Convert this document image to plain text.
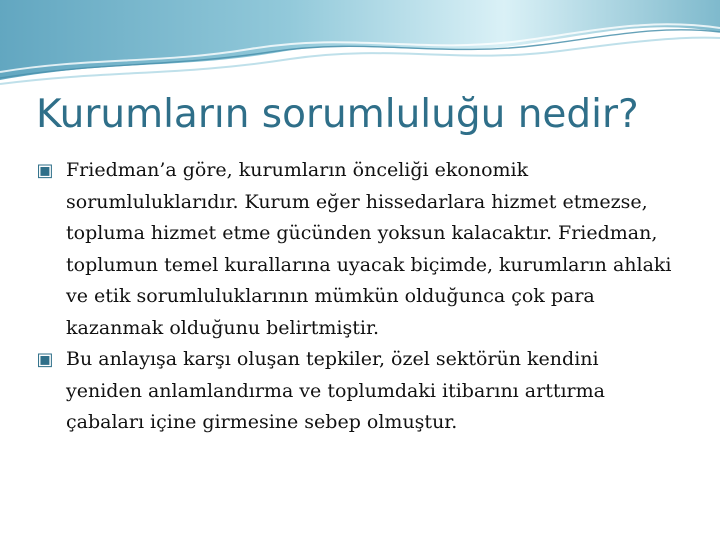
Kurumların sorumluluğu nedir?
▣ Friedman’a göre, kurumların önceliği ekonomik sorumluluklarıdır. Kurum eğer hissedarlara hizmet etmezse, topluma hizmet etme gücünden yoksun kalacaktır. Friedman, toplumun temel kurallarına uyacak biçimde, kurumların ahlaki ve etik sorumluluklarının mümkün olduğunca çok para kazanmak olduğunu belirtmiştir.
▣ Bu anlayışa karşı oluşan tepkiler, özel sektörün kendini yeniden anlamlandırma ve toplumdaki itibarını arttırma çabaları içine girmesine sebep olmuştur.
